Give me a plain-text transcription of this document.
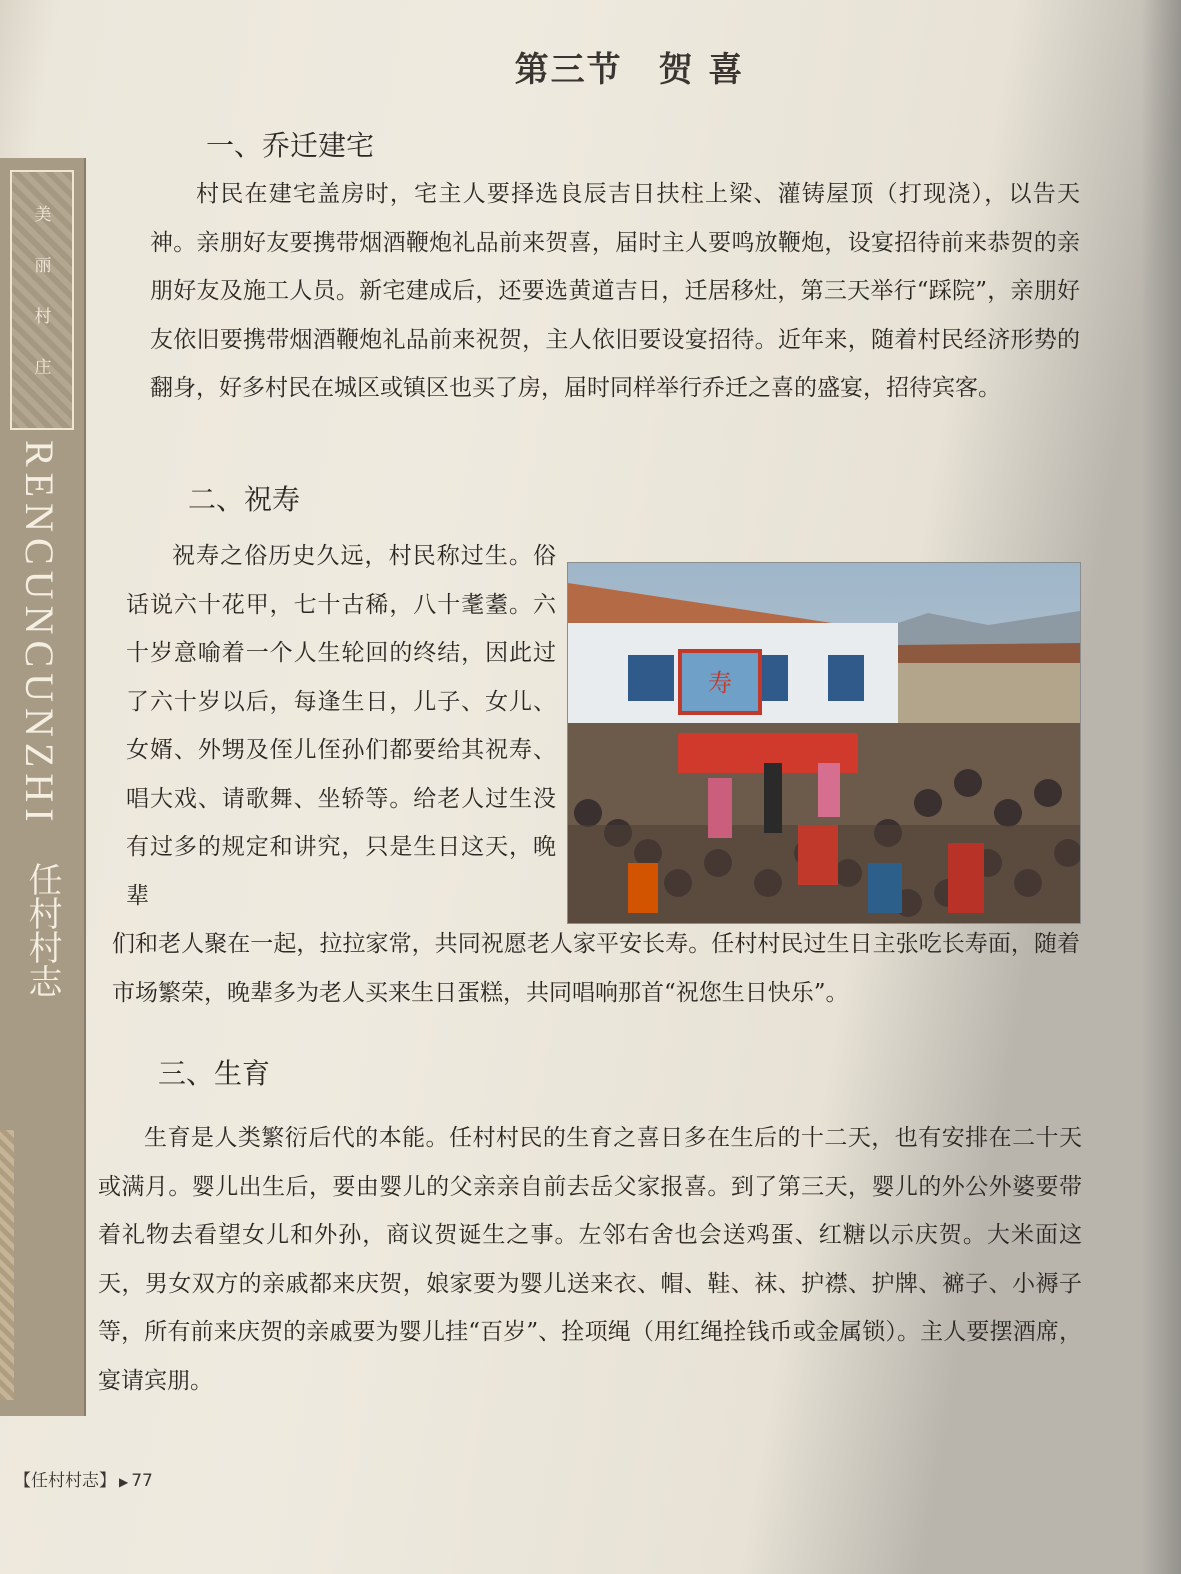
美
丽
村
庄
RENCUNCUNZHI
任村村志
第三节　贺 喜
一、乔迁建宅

村民在建宅盖房时，宅主人要择选良辰吉日扶柱上梁、灌铸屋顶（打现浇），以告天神。亲朋好友要携带烟酒鞭炮礼品前来贺喜，届时主人要鸣放鞭炮，设宴招待前来恭贺的亲朋好友及施工人员。新宅建成后，还要选黄道吉日，迁居移灶，第三天举行“踩院”，亲朋好友依旧要携带烟酒鞭炮礼品前来祝贺，主人依旧要设宴招待。近年来，随着村民经济形势的翻身，好多村民在城区或镇区也买了房，届时同样举行乔迁之喜的盛宴，招待宾客。

二、祝寿

祝寿之俗历史久远，村民称过生。俗话说六十花甲，七十古稀，八十耄耋。六十岁意喻着一个人生轮回的终结，因此过了六十岁以后，每逢生日，儿子、女儿、女婿、外甥及侄儿侄孙们都要给其祝寿、唱大戏、请歌舞、坐轿等。给老人过生没有过多的规定和讲究，只是生日这天，晚辈

寿

们和老人聚在一起，拉拉家常，共同祝愿老人家平安长寿。任村村民过生日主张吃长寿面，随着市场繁荣，晚辈多为老人买来生日蛋糕，共同唱响那首“祝您生日快乐”。

三、生育

生育是人类繁衍后代的本能。任村村民的生育之喜日多在生后的十二天，也有安排在二十天或满月。婴儿出生后，要由婴儿的父亲亲自前去岳父家报喜。到了第三天，婴儿的外公外婆要带着礼物去看望女儿和外孙，商议贺诞生之事。左邻右舍也会送鸡蛋、红糖以示庆贺。大米面这天，男女双方的亲戚都来庆贺，娘家要为婴儿送来衣、帽、鞋、袜、护襟、护牌、褯子、小褥子等，所有前来庆贺的亲戚要为婴儿挂“百岁”、拴项绳（用红绳拴钱币或金属锁）。主人要摆酒席，宴请宾朋。

【任村村志】 ▶ 77
